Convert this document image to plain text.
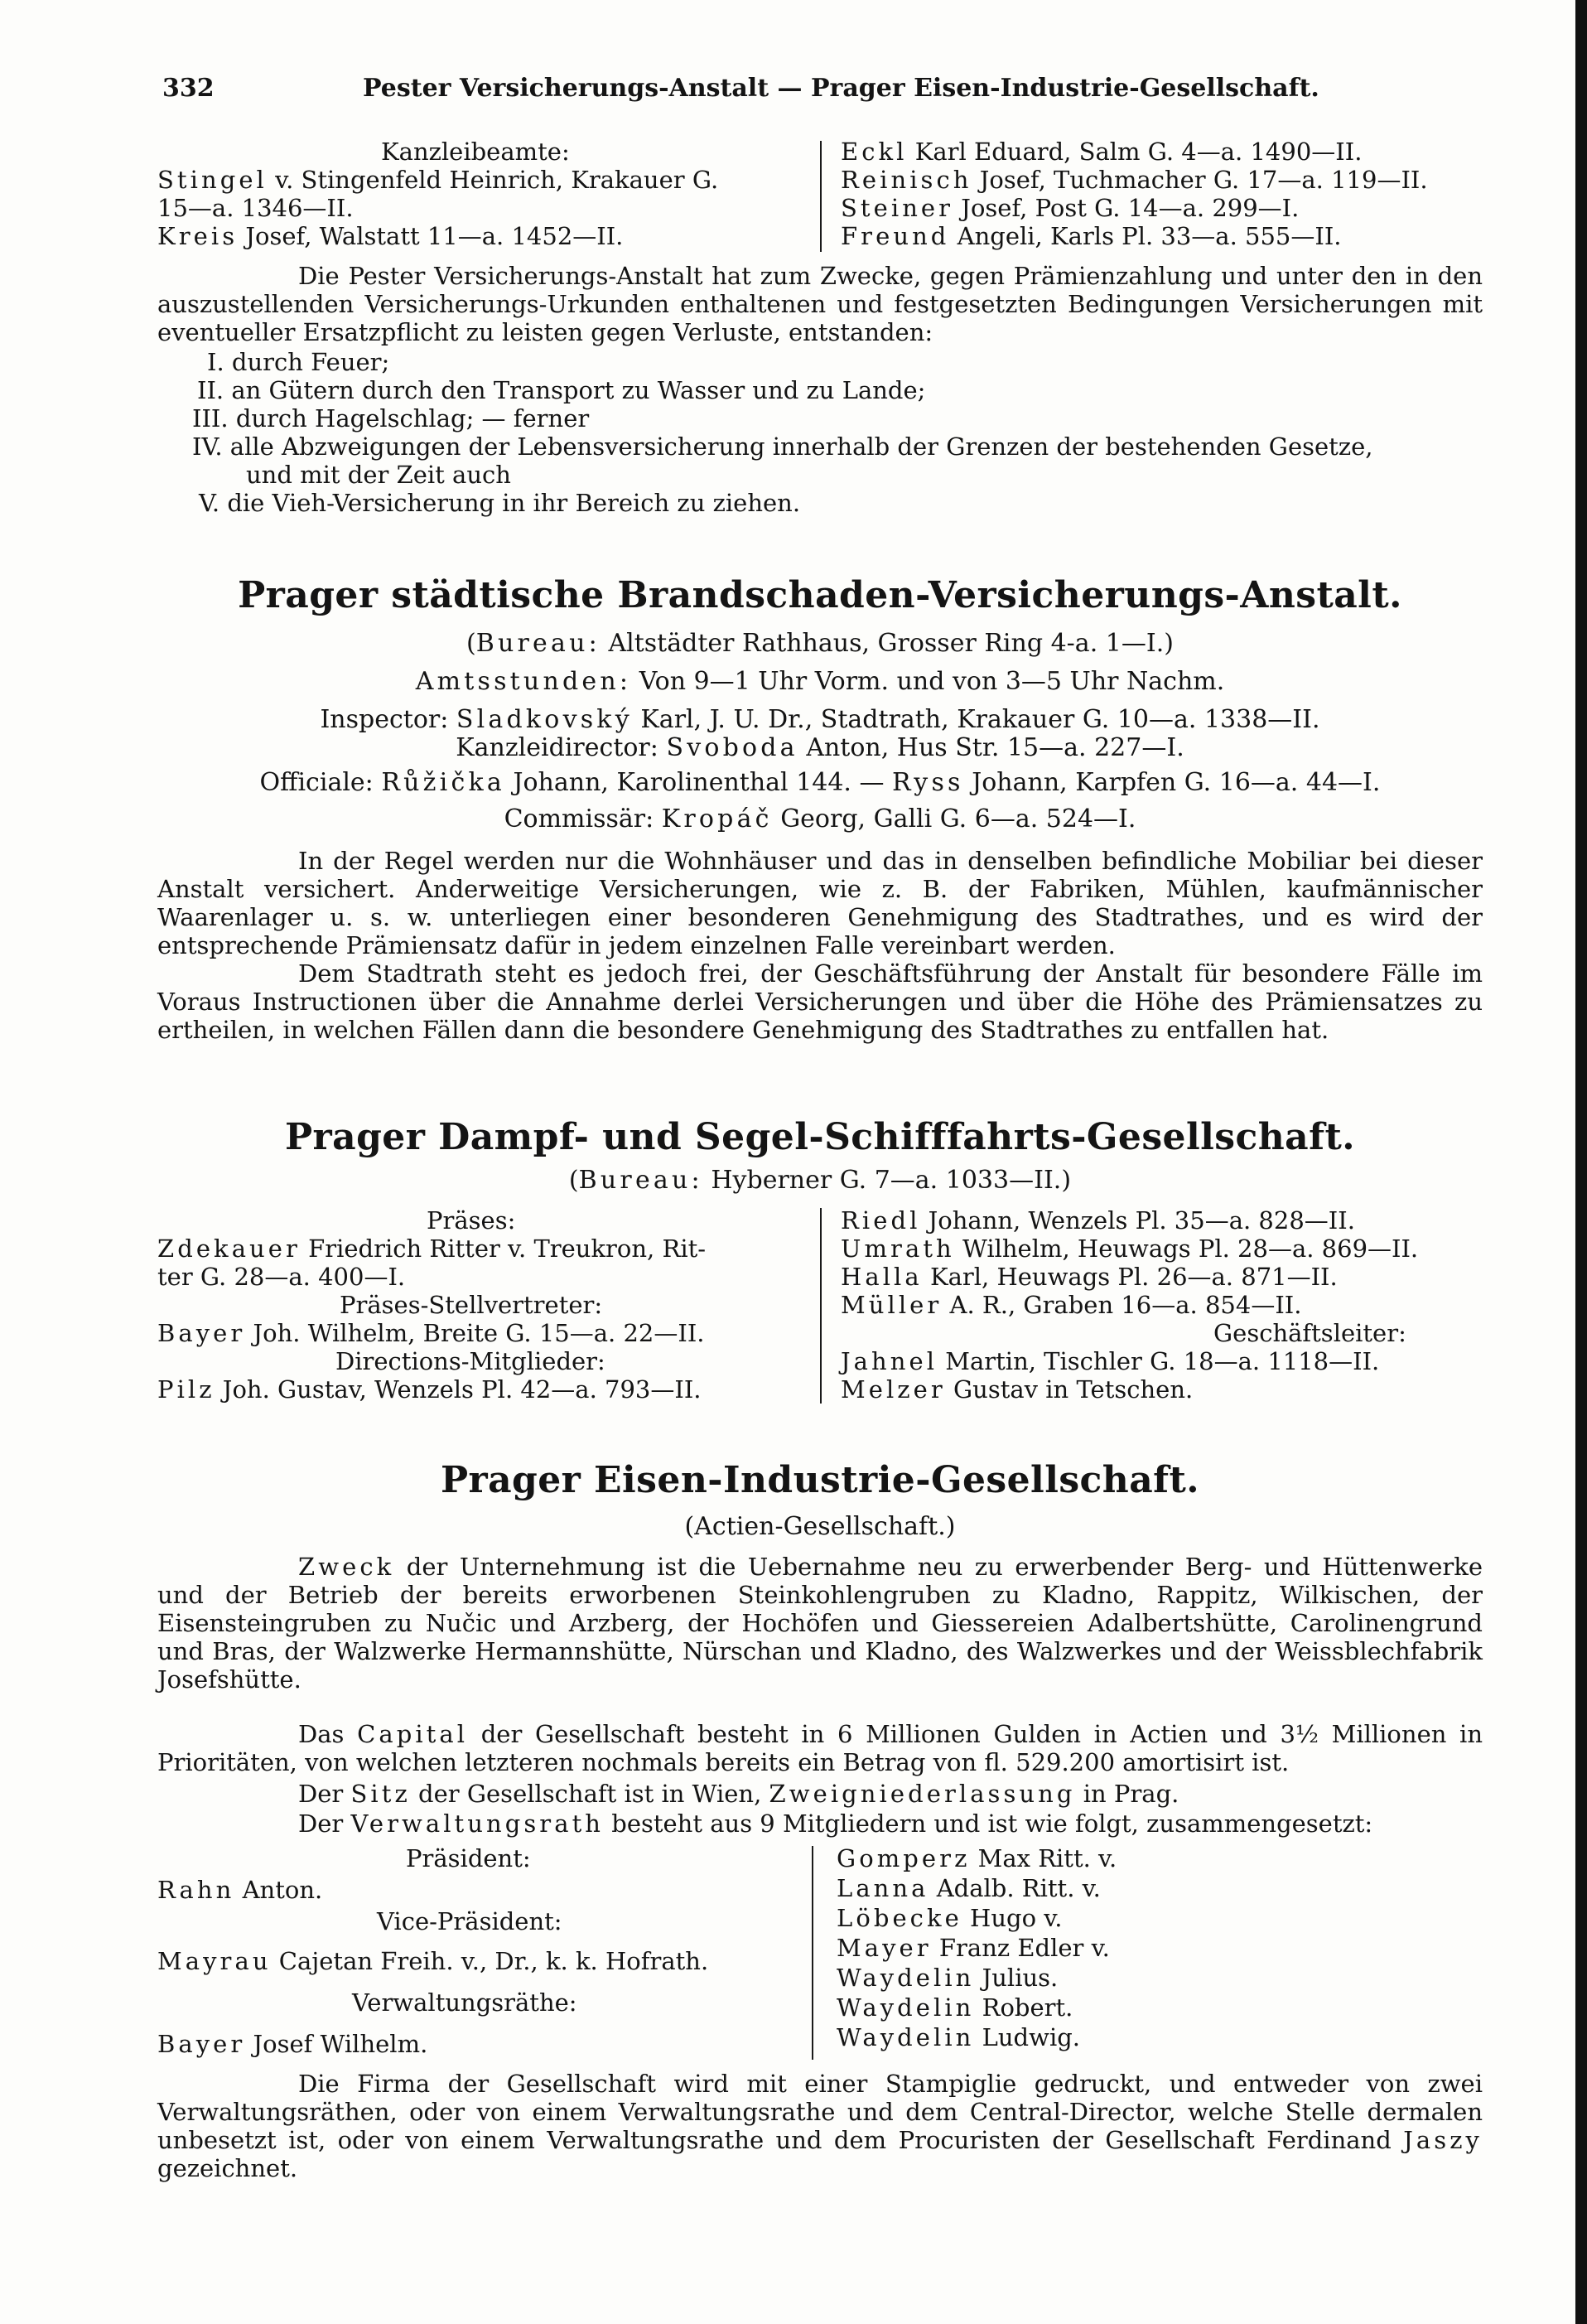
332	Pester Versicherungs-Anstalt — Prager Eisen-Industrie-Gesellschaft.
Kanzleibeamte:
Stingel v. Stingenfeld Heinrich, Krakauer G.
15—a. 1346—II.
Kreis Josef, Walstatt 11—a. 1452—II.
Eckl Karl Eduard, Salm G. 4—a. 1490—II.
Reinisch Josef, Tuchmacher G. 17—a. 119—II.
Steiner Josef, Post G. 14—a. 299—I.
Freund Angeli, Karls Pl. 33—a. 555—II.

Die Pester Versicherungs-Anstalt hat zum Zwecke, gegen Prämienzahlung und unter den in den auszustellenden Versicherungs-Urkunden enthaltenen und festgesetzten Bedingungen Versicherungen mit eventueller Ersatzpflicht zu leisten gegen Verluste, entstanden:

I. durch Feuer;
II. an Gütern durch den Transport zu Wasser und zu Lande;
III. durch Hagelschlag; — ferner
IV. alle Abzweigungen der Lebensversicherung innerhalb der Grenzen der bestehenden Gesetze,
und mit der Zeit auch
V. die Vieh-Versicherung in ihr Bereich zu ziehen.
Prager städtische Brandschaden-Versicherungs-Anstalt.
(Bureau: Altstädter Rathhaus, Grosser Ring 4-a. 1—I.)
Amtsstunden: Von 9—1 Uhr Vorm. und von 3—5 Uhr Nachm.
Inspector: Sladkovský Karl, J. U. Dr., Stadtrath, Krakauer G. 10—a. 1338—II.
Kanzleidirector: Svoboda Anton, Hus Str. 15—a. 227—I.
Officiale: Růžička Johann, Karolinenthal 144. — Ryss Johann, Karpfen G. 16—a. 44—I.
Commissär: Kropáč Georg, Galli G. 6—a. 524—I.

In der Regel werden nur die Wohnhäuser und das in denselben befindliche Mobiliar bei dieser Anstalt versichert. Anderweitige Versicherungen, wie z. B. der Fabriken, Mühlen, kaufmännischer Waarenlager u. s. w. unterliegen einer besonderen Genehmigung des Stadtrathes, und es wird der entsprechende Prämiensatz dafür in jedem einzelnen Falle vereinbart werden.

Dem Stadtrath steht es jedoch frei, der Geschäftsführung der Anstalt für besondere Fälle im Voraus Instructionen über die Annahme derlei Versicherungen und über die Höhe des Prämiensatzes zu ertheilen, in welchen Fällen dann die besondere Genehmigung des Stadtrathes zu entfallen hat.

Prager Dampf- und Segel-Schifffahrts-Gesellschaft.
(Bureau: Hyberner G. 7—a. 1033—II.)
Präses:
Zdekauer Friedrich Ritter v. Treukron, Rit-
ter G. 28—a. 400—I.
Präses-Stellvertreter:
Bayer Joh. Wilhelm, Breite G. 15—a. 22—II.
Directions-Mitglieder:
Pilz Joh. Gustav, Wenzels Pl. 42—a. 793—II.
Riedl Johann, Wenzels Pl. 35—a. 828—II.
Umrath Wilhelm, Heuwags Pl. 28—a. 869—II.
Halla Karl, Heuwags Pl. 26—a. 871—II.
Müller A. R., Graben 16—a. 854—II.
Geschäftsleiter:
Jahnel Martin, Tischler G. 18—a. 1118—II.
Melzer Gustav in Tetschen.
Prager Eisen-Industrie-Gesellschaft.
(Actien-Gesellschaft.)

Zweck der Unternehmung ist die Uebernahme neu zu erwerbender Berg- und Hüttenwerke und der Betrieb der bereits erworbenen Steinkohlengruben zu Kladno, Rappitz, Wilkischen, der Eisensteingruben zu Nučic und Arzberg, der Hochöfen und Giessereien Adalbertshütte, Carolinengrund und Bras, der Walzwerke Hermannshütte, Nürschan und Kladno, des Walzwerkes und der Weissblechfabrik Josefshütte.

Das Capital der Gesellschaft besteht in 6 Millionen Gulden in Actien und 3½ Millionen in Prioritäten, von welchen letzteren nochmals bereits ein Betrag von fl. 529.200 amortisirt ist.

Der Sitz der Gesellschaft ist in Wien, Zweigniederlassung in Prag.

Der Verwaltungsrath besteht aus 9 Mitgliedern und ist wie folgt, zusammengesetzt:

Präsident:
Rahn Anton.
Vice-Präsident:
Mayrau Cajetan Freih. v., Dr., k. k. Hofrath.
Verwaltungsräthe:
Bayer Josef Wilhelm.
Gomperz Max Ritt. v.
Lanna Adalb. Ritt. v.
Löbecke Hugo v.
Mayer Franz Edler v.
Waydelin Julius.
Waydelin Robert.
Waydelin Ludwig.

Die Firma der Gesellschaft wird mit einer Stampiglie gedruckt, und entweder von zwei Verwaltungsräthen, oder von einem Verwaltungsrathe und dem Central-Director, welche Stelle dermalen unbesetzt ist, oder von einem Verwaltungsrathe und dem Procuristen der Gesellschaft Ferdinand Jaszy gezeichnet.
